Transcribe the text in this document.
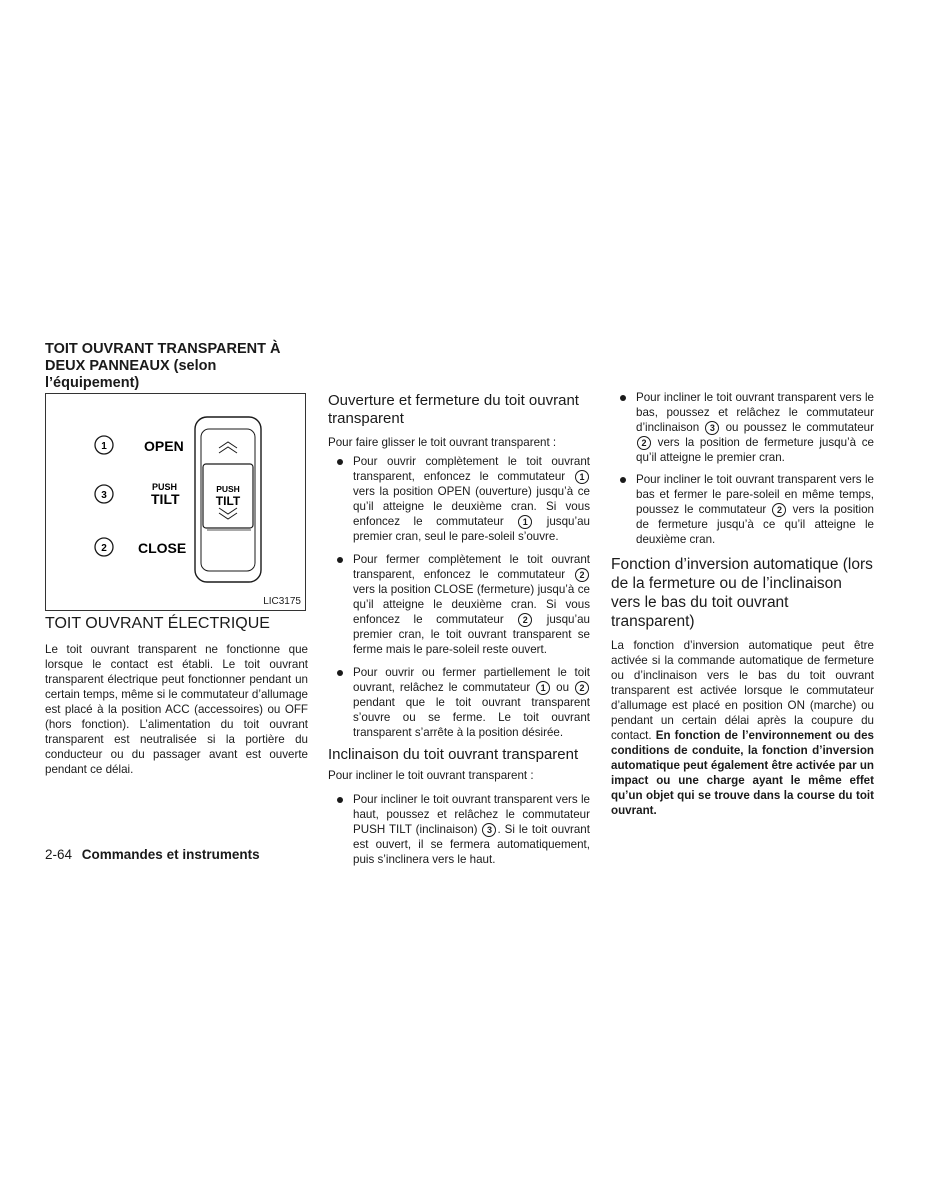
TOIT OUVRANT TRANSPARENT À
DEUX PANNEAUX (selon
l’équipement)
1
3
2
OPEN
PUSH
TILT
CLOSE
PUSH
TILT
LIC3175
TOIT OUVRANT ÉLECTRIQUE

Le toit ouvrant transparent ne fonctionne que lorsque le contact est établi. Le toit ouvrant transparent électrique peut fonctionner pendant un certain temps, même si le commutateur d’allumage est placé à la position ACC (accessoires) ou OFF (hors fonction). L’alimentation du toit ouvrant transparent est neutralisée si la portière du conducteur ou du passager avant est ouverte pendant ce délai.

Ouverture et fermeture du toit ouvrant transparent

Pour faire glisser le toit ouvrant transparent :

Pour ouvrir complètement le toit ouvrant transparent, enfoncez le commutateur 1 vers la position OPEN (ouverture) jusqu’à ce qu’il atteigne le deuxième cran. Si vous enfoncez le commutateur 1 jusqu’au premier cran, seul le pare-soleil s’ouvre.
Pour fermer complètement le toit ouvrant transparent, enfoncez le commutateur 2 vers la position CLOSE (fermeture) jusqu’à ce qu’il atteigne le deuxième cran. Si vous enfoncez le commutateur 2 jusqu’au premier cran, le toit ouvrant transparent se ferme mais le pare-soleil reste ouvert.
Pour ouvrir ou fermer partiellement le toit ouvrant, relâchez le commutateur 1 ou 2 pendant que le toit ouvrant transparent s’ouvre ou se ferme. Le toit ouvrant transparent s’arrête à la position désirée.
Inclinaison du toit ouvrant transparent

Pour incliner le toit ouvrant transparent :

Pour incliner le toit ouvrant transparent vers le haut, poussez et relâchez le commutateur PUSH TILT (inclinaison) 3 . Si le toit ouvrant est ouvert, il se fermera automatiquement, puis s’inclinera vers le haut.
Pour incliner le toit ouvrant transparent vers le bas, poussez et relâchez le commutateur d’inclinaison 3 ou poussez le commutateur 2 vers la position de fermeture jusqu’à ce qu’il atteigne le premier cran.
Pour incliner le toit ouvrant transparent vers le bas et fermer le pare-soleil en même temps, poussez le commutateur 2 vers la position de fermeture jusqu’à ce qu’il atteigne le deuxième cran.
Fonction d’inversion automatique (lors de la fermeture ou de l’inclinaison vers le bas du toit ouvrant transparent)

La fonction d’inversion automatique peut être activée si la commande automatique de fermeture ou d’inclinaison vers le bas du toit ouvrant transparent est activée lorsque le commutateur d’allumage est placé en position ON (marche) ou pendant un certain délai après la coupure du contact. En fonction de l’environnement ou des conditions de conduite, la fonction d’inversion automatique peut également être activée par un impact ou une charge ayant le même effet qu’un objet qui se trouve dans la course du toit ouvrant.

2-64 Commandes et instruments
